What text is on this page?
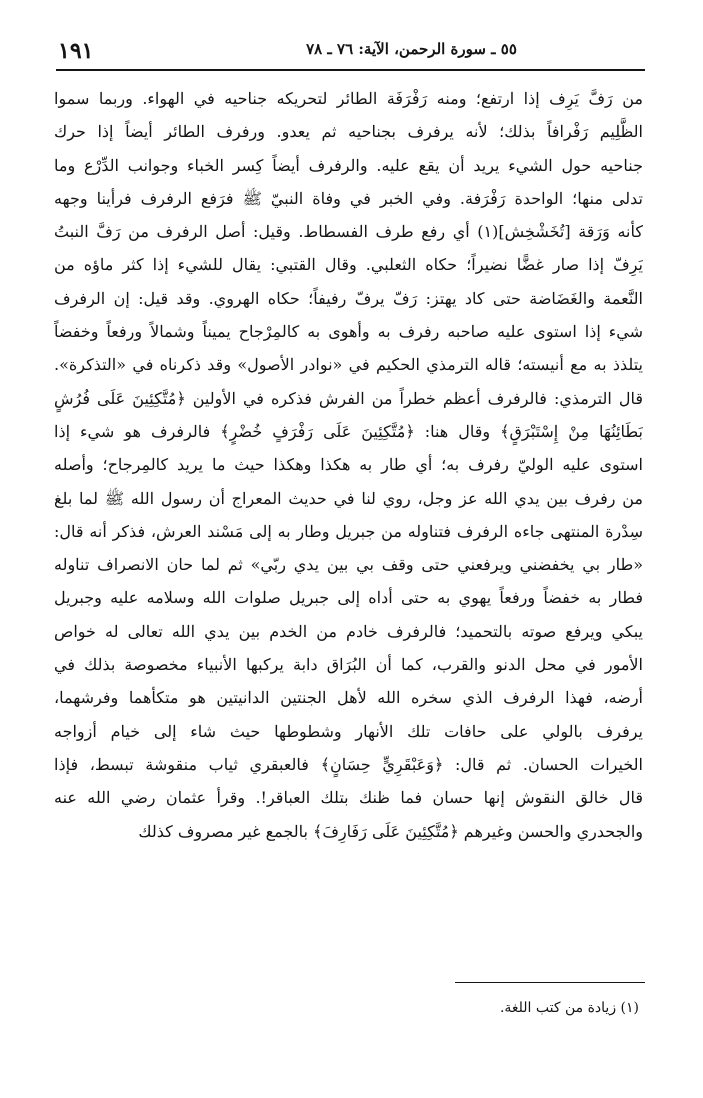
١٩١	٥٥ ـ سورة الرحمن، الآية: ٧٦ ـ ٧٨
من رَفَّ يَرِف إذا ارتفع؛ ومنه رَفْرَفَة الطائر لتحريكه جناحيه في الهواء. وربما سموا
الظَّلِيم رَفْرافاً بذلك؛ لأنه يرفرف بجناحيه ثم يعدو. ورفرف الطائر أيضاً إذا حرك
جناحيه حول الشيء يريد أن يقع عليه. والرفرف أيضاً كِسر الخباء وجوانب الدِّرْع وما
تدلى منها؛ الواحدة رَفْرَفة. وفي الخبر في وفاة النبيّ ﷺ فرَفع الرفرف فرأينا وجهه
كأنه وَرَقة [تُخَشْخِش](١) أي رفع طرف الفسطاط. وقيل: أصل الرفرف من رَفَّ النبتُ
يَرِفّ إذا صار غضًّا نضيراً؛ حكاه الثعلبي. وقال القتبي: يقال للشيء إذا كثر ماؤه من
النَّعمة والغَضَاضة حتى كاد يهتز: رَفّ يرفّ رفيفاً؛ حكاه الهروي. وقد قيل: إن الرفرف
شيء إذا استوى عليه صاحبه رفرف به وأهوى به كالمِرْجاح يميناً وشمالاً ورفعاً وخفضاً
يتلذذ به مع أنيسته؛ قاله الترمذي الحكيم في «نوادر الأصول» وقد ذكرناه في «التذكرة».
قال الترمذي: فالرفرف أعظم خطراً من الفرش فذكره في الأولين ﴿مُتَّكِئِينَ عَلَى فُرُشٍ
بَطَائِنُهَا مِنْ إِسْتَبْرَقٍ﴾ وقال هنا: ﴿مُتَّكِئِينَ عَلَى رَفْرَفٍ خُضْرٍ﴾ فالرفرف هو شيء إذا
استوى عليه الوليّ رفرف به؛ أي طار به هكذا وهكذا حيث ما يريد كالمِرجاح؛ وأصله
من رفرف بين يدي الله عز وجل، روي لنا في حديث المعراج أن رسول الله ﷺ لما بلغ
سِدْرة المنتهى جاءه الرفرف فتناوله من جبريل وطار به إلى مَسْند العرش، فذكر أنه قال:
«طار بي يخفضني ويرفعني حتى وقف بي بين يدي ربّي» ثم لما حان الانصراف تناوله
فطار به خفضاً ورفعاً يهوي به حتى أداه إلى جبريل صلوات الله وسلامه عليه وجبريل
يبكي ويرفع صوته بالتحميد؛ فالرفرف خادم من الخدم بين يدي الله تعالى له خواص
الأمور في محل الدنو والقرب، كما أن البُرَاق دابة يركبها الأنبياء مخصوصة بذلك في
أرضه، فهذا الرفرف الذي سخره الله لأهل الجنتين الدانيتين هو متكأهما وفرشهما،
يرفرف بالولي على حافات تلك الأنهار وشطوطها حيث شاء إلى خيام أزواجه
الخيرات الحسان. ثم قال: ﴿وَعَبْقَرِيٍّ حِسَانٍ﴾ فالعبقري ثياب منقوشة تبسط، فإذا
قال خالق النقوش إنها حسان فما ظنك بتلك العباقر!. وقرأ عثمان رضي الله عنه
والجحدري والحسن وغيرهم ﴿مُتَّكِئِينَ عَلَى رَفَارِفَ﴾ بالجمع غير مصروف كذلك
(١) زيادة من كتب اللغة.
